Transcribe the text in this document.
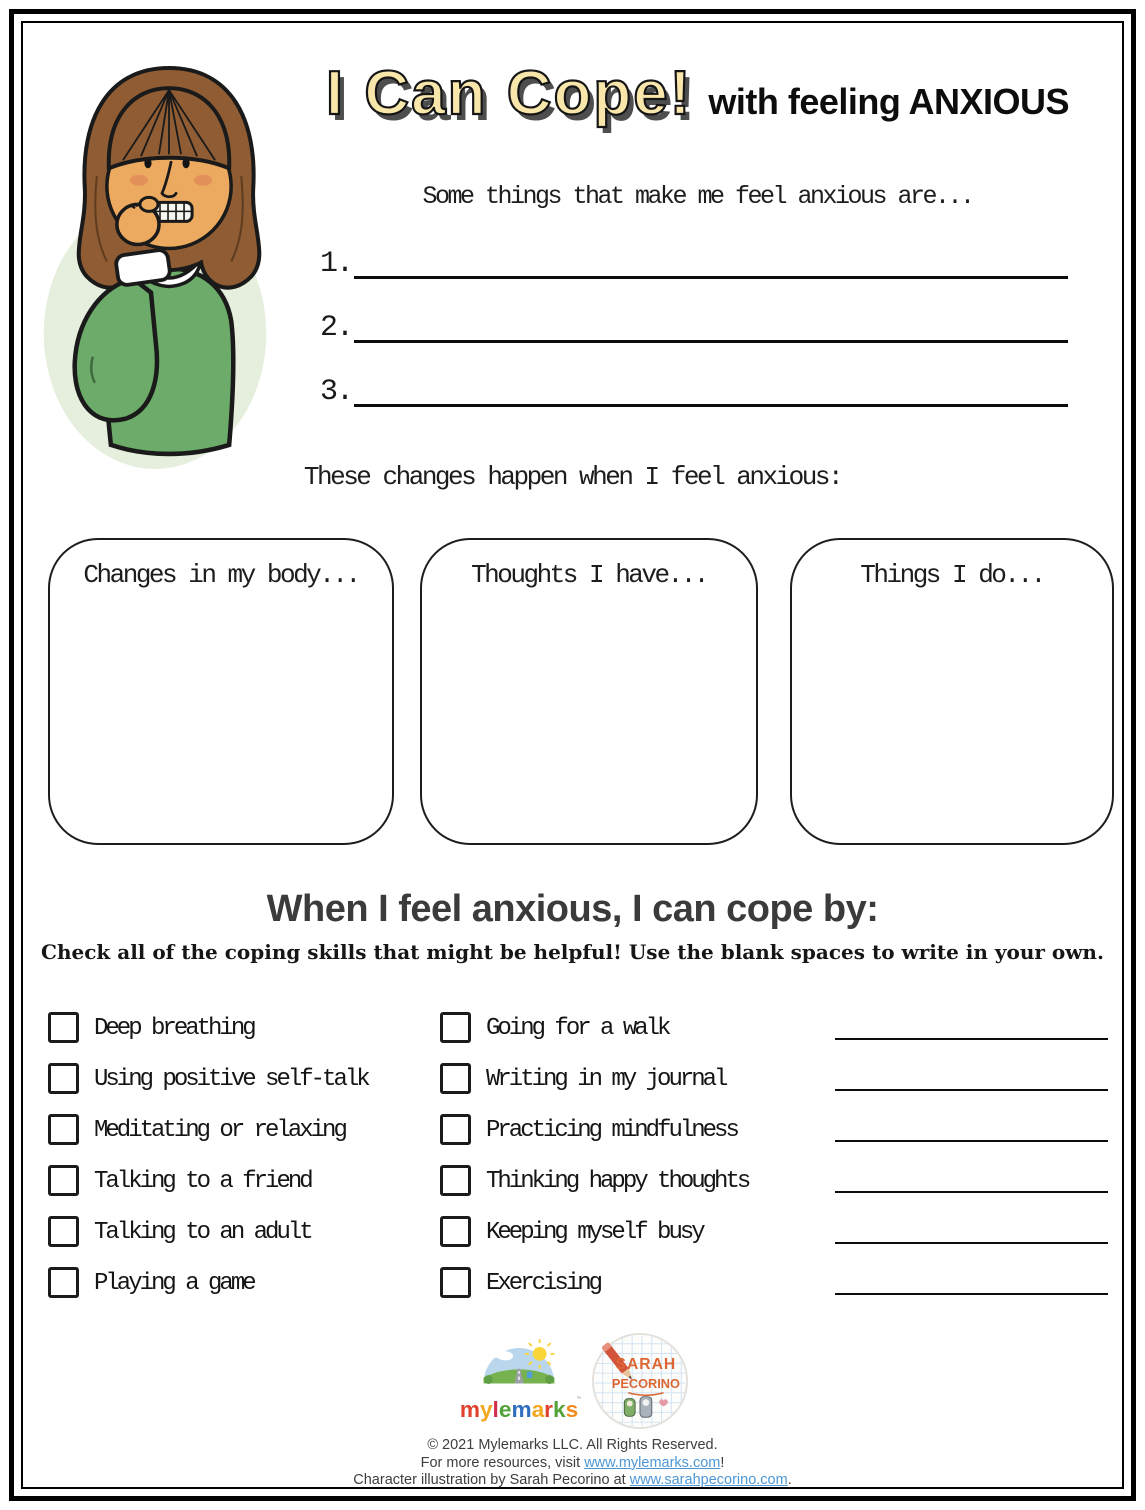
I Can Cope! with feeling ANXIOUS
Some things that make me feel anxious are...
1.
2.
3.
These changes happen when I feel anxious:
Changes in my body...	Thoughts I have...	Things I do...
When I feel anxious, I can cope by:
Check all of the coping skills that might be helpful! Use the blank spaces to write in your own.
Deep breathing
Using positive self-talk
Meditating or relaxing
Talking to a friend
Talking to an adult
Playing a game
Going for a walk
Writing in my journal
Practicing mindfulness
Thinking happy thoughts
Keeping myself busy
Exercising
mylemarks
™
SARAH
PECORINO
© 2021 Mylemarks LLC. All Rights Reserved.
For more resources, visit www.mylemarks.com!
Character illustration by Sarah Pecorino at www.sarahpecorino.com.
